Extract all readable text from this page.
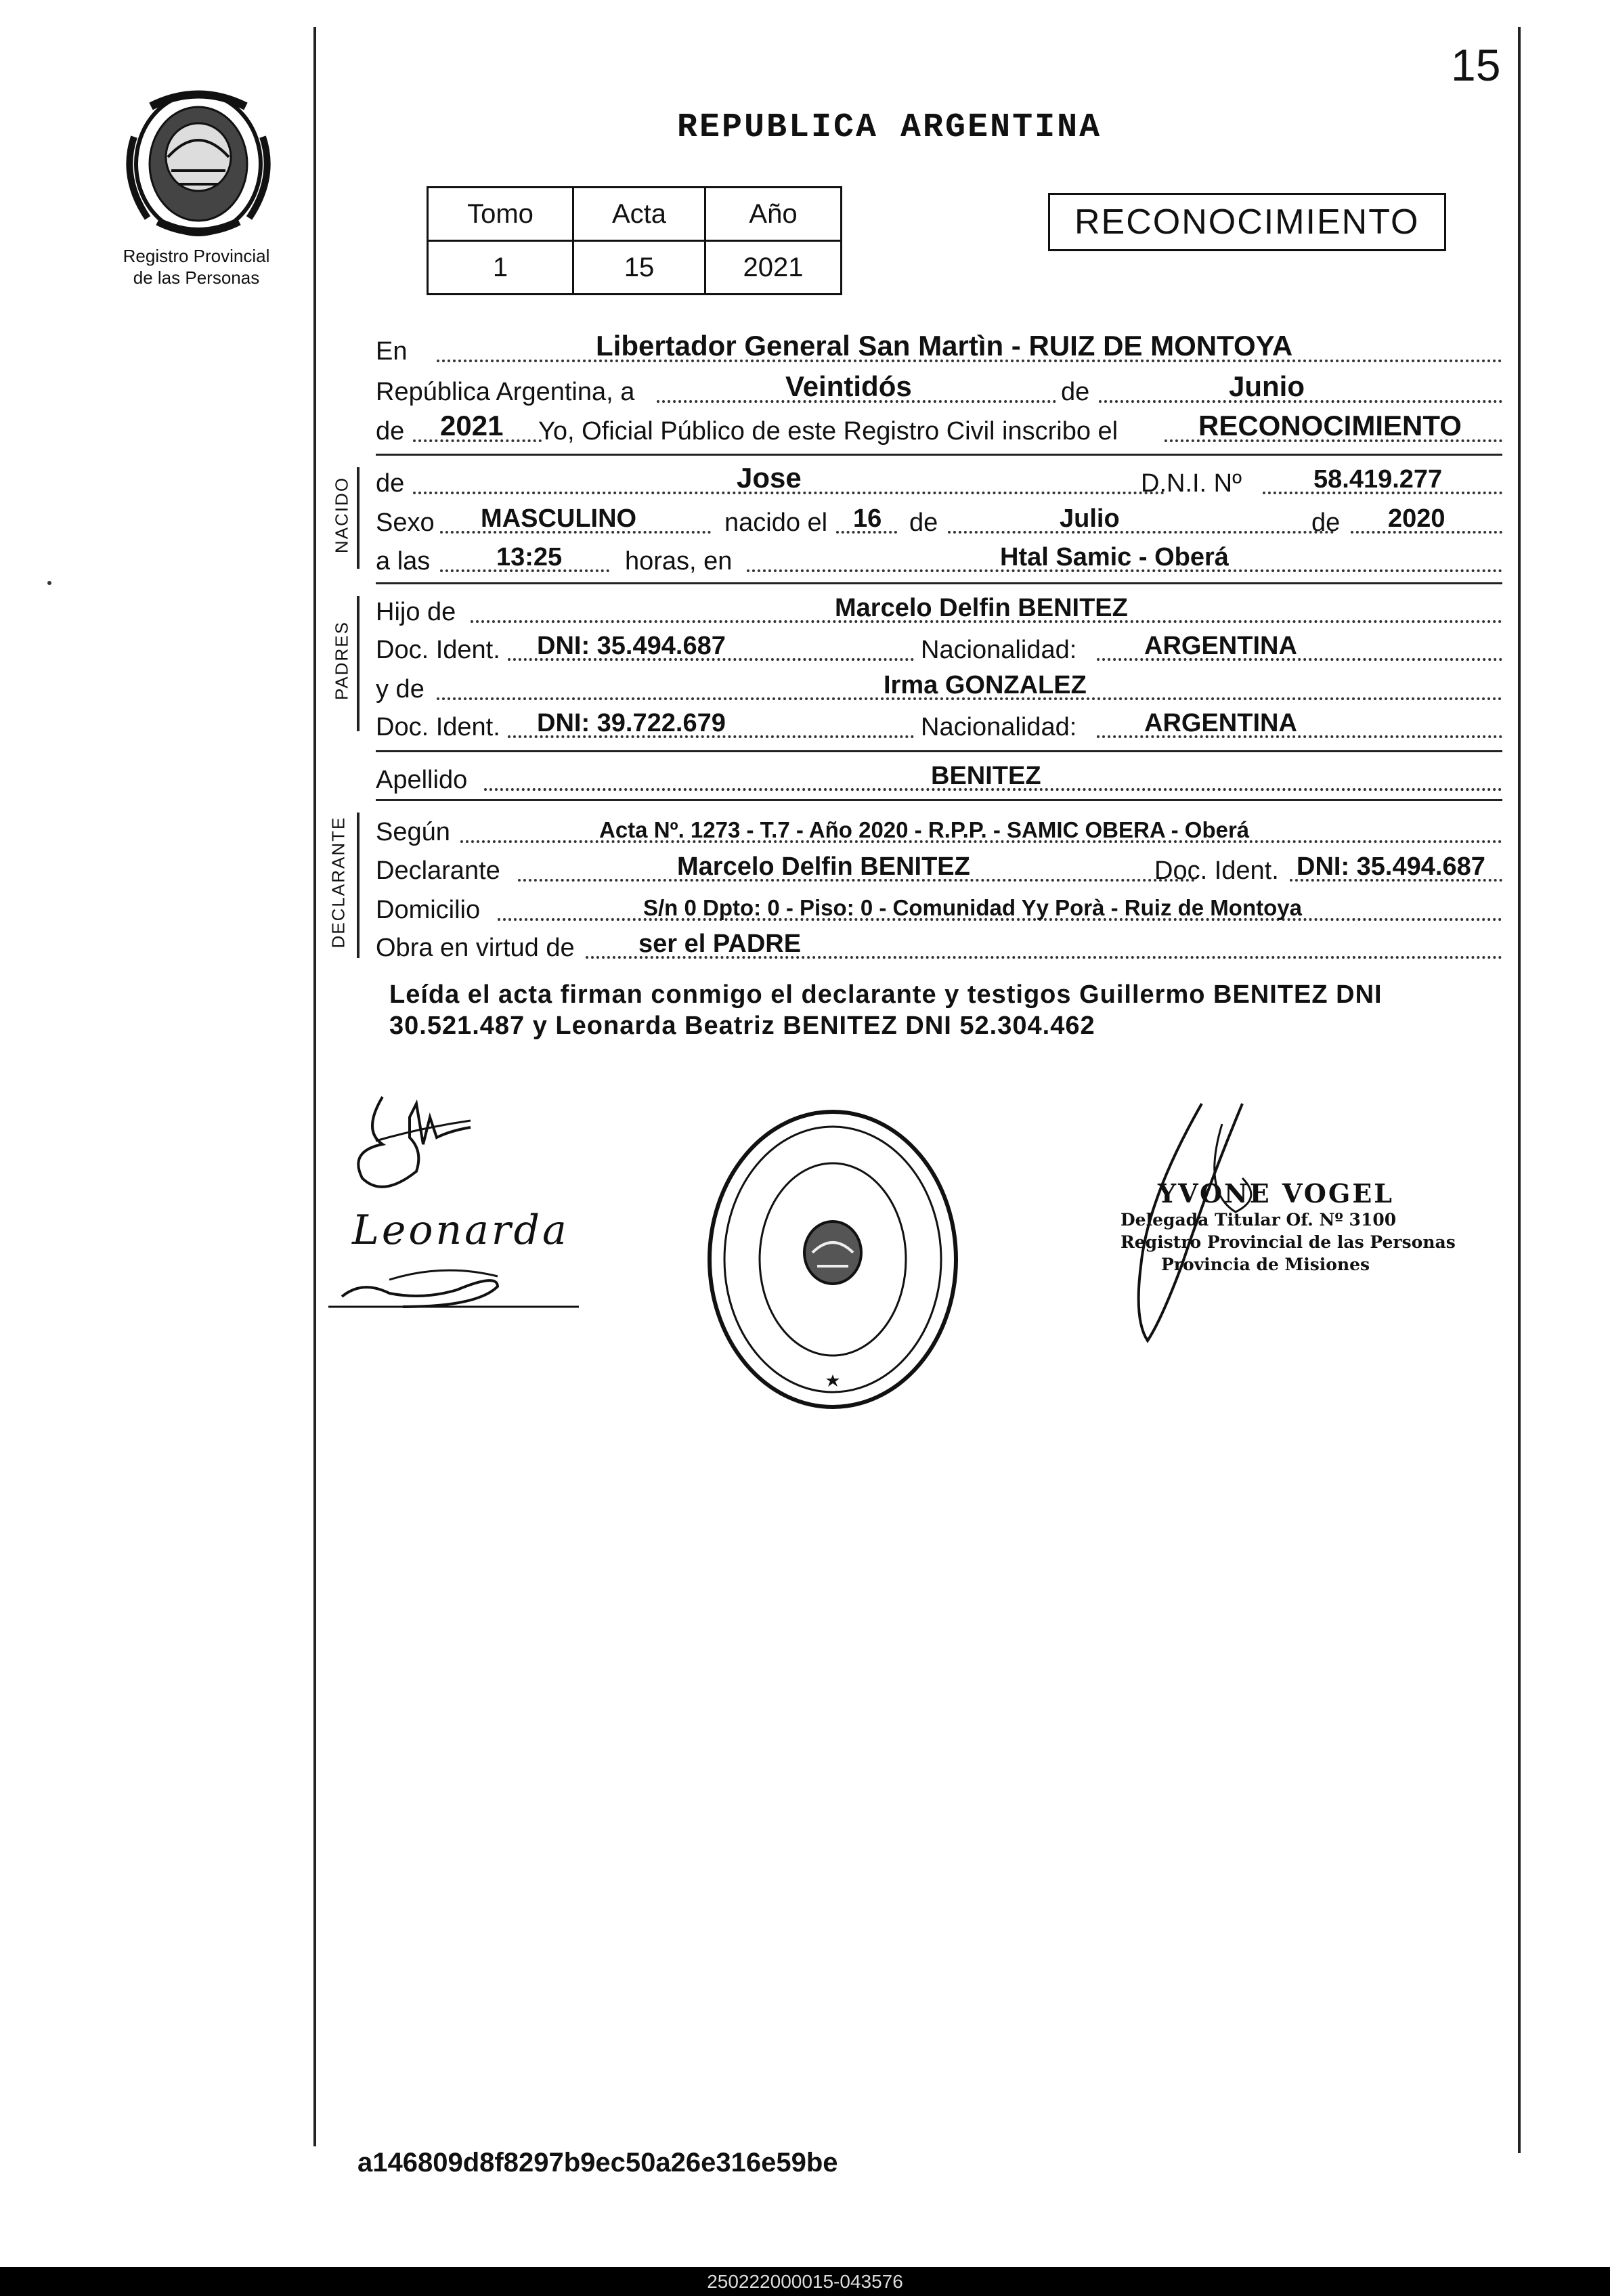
15
Registro Provincial
de las Personas
REPUBLICA ARGENTINA
Tomo	Acta	Año
1	15	2021
RECONOCIMIENTO
En	Libertador General San Martìn - RUIZ DE MONTOYA
República Argentina, a	Veintidós	de	Junio
de 2021 Yo, Oficial Público de este Registro Civil inscribo el	RECONOCIMIENTO
NACIDO de	Jose	D.N.I. Nº	58.419.277
Sexo MASCULINO	nacido el 16 de	Julio	de 2020
a las	13:25 horas, en	Htal Samic - Oberá
PADRES
Hijo de	Marcelo Delfin BENITEZ
Doc. Ident. DNI: 35.494.687	Nacionalidad:	ARGENTINA
y de	Irma GONZALEZ
Doc. Ident. DNI: 39.722.679	Nacionalidad:	ARGENTINA
Apellido	BENITEZ
DECLARANTE Según	Acta Nº. 1273 - T.7 - Año 2020 - R.P.P. - SAMIC OBERA - Oberá
Declarante	Marcelo Delfin BENITEZ	Doc. Ident. DNI: 35.494.687
Domicilio	S/n 0 Dpto: 0 - Piso: 0 - Comunidad Yy Porà - Ruiz de Montoya
Obra en virtud de ser el PADRE
Leída el acta firman conmigo el declarante y testigos Guillermo BENITEZ DNI
30.521.487 y Leonarda Beatriz BENITEZ DNI 52.304.462
Leonarda
YVONE VOGEL
Delegada Titular Of. Nº 3100
Registro Provincial de las Personas
Provincia de Misiones
a146809d8f8297b9ec50a26e316e59be
250222000015-043576
